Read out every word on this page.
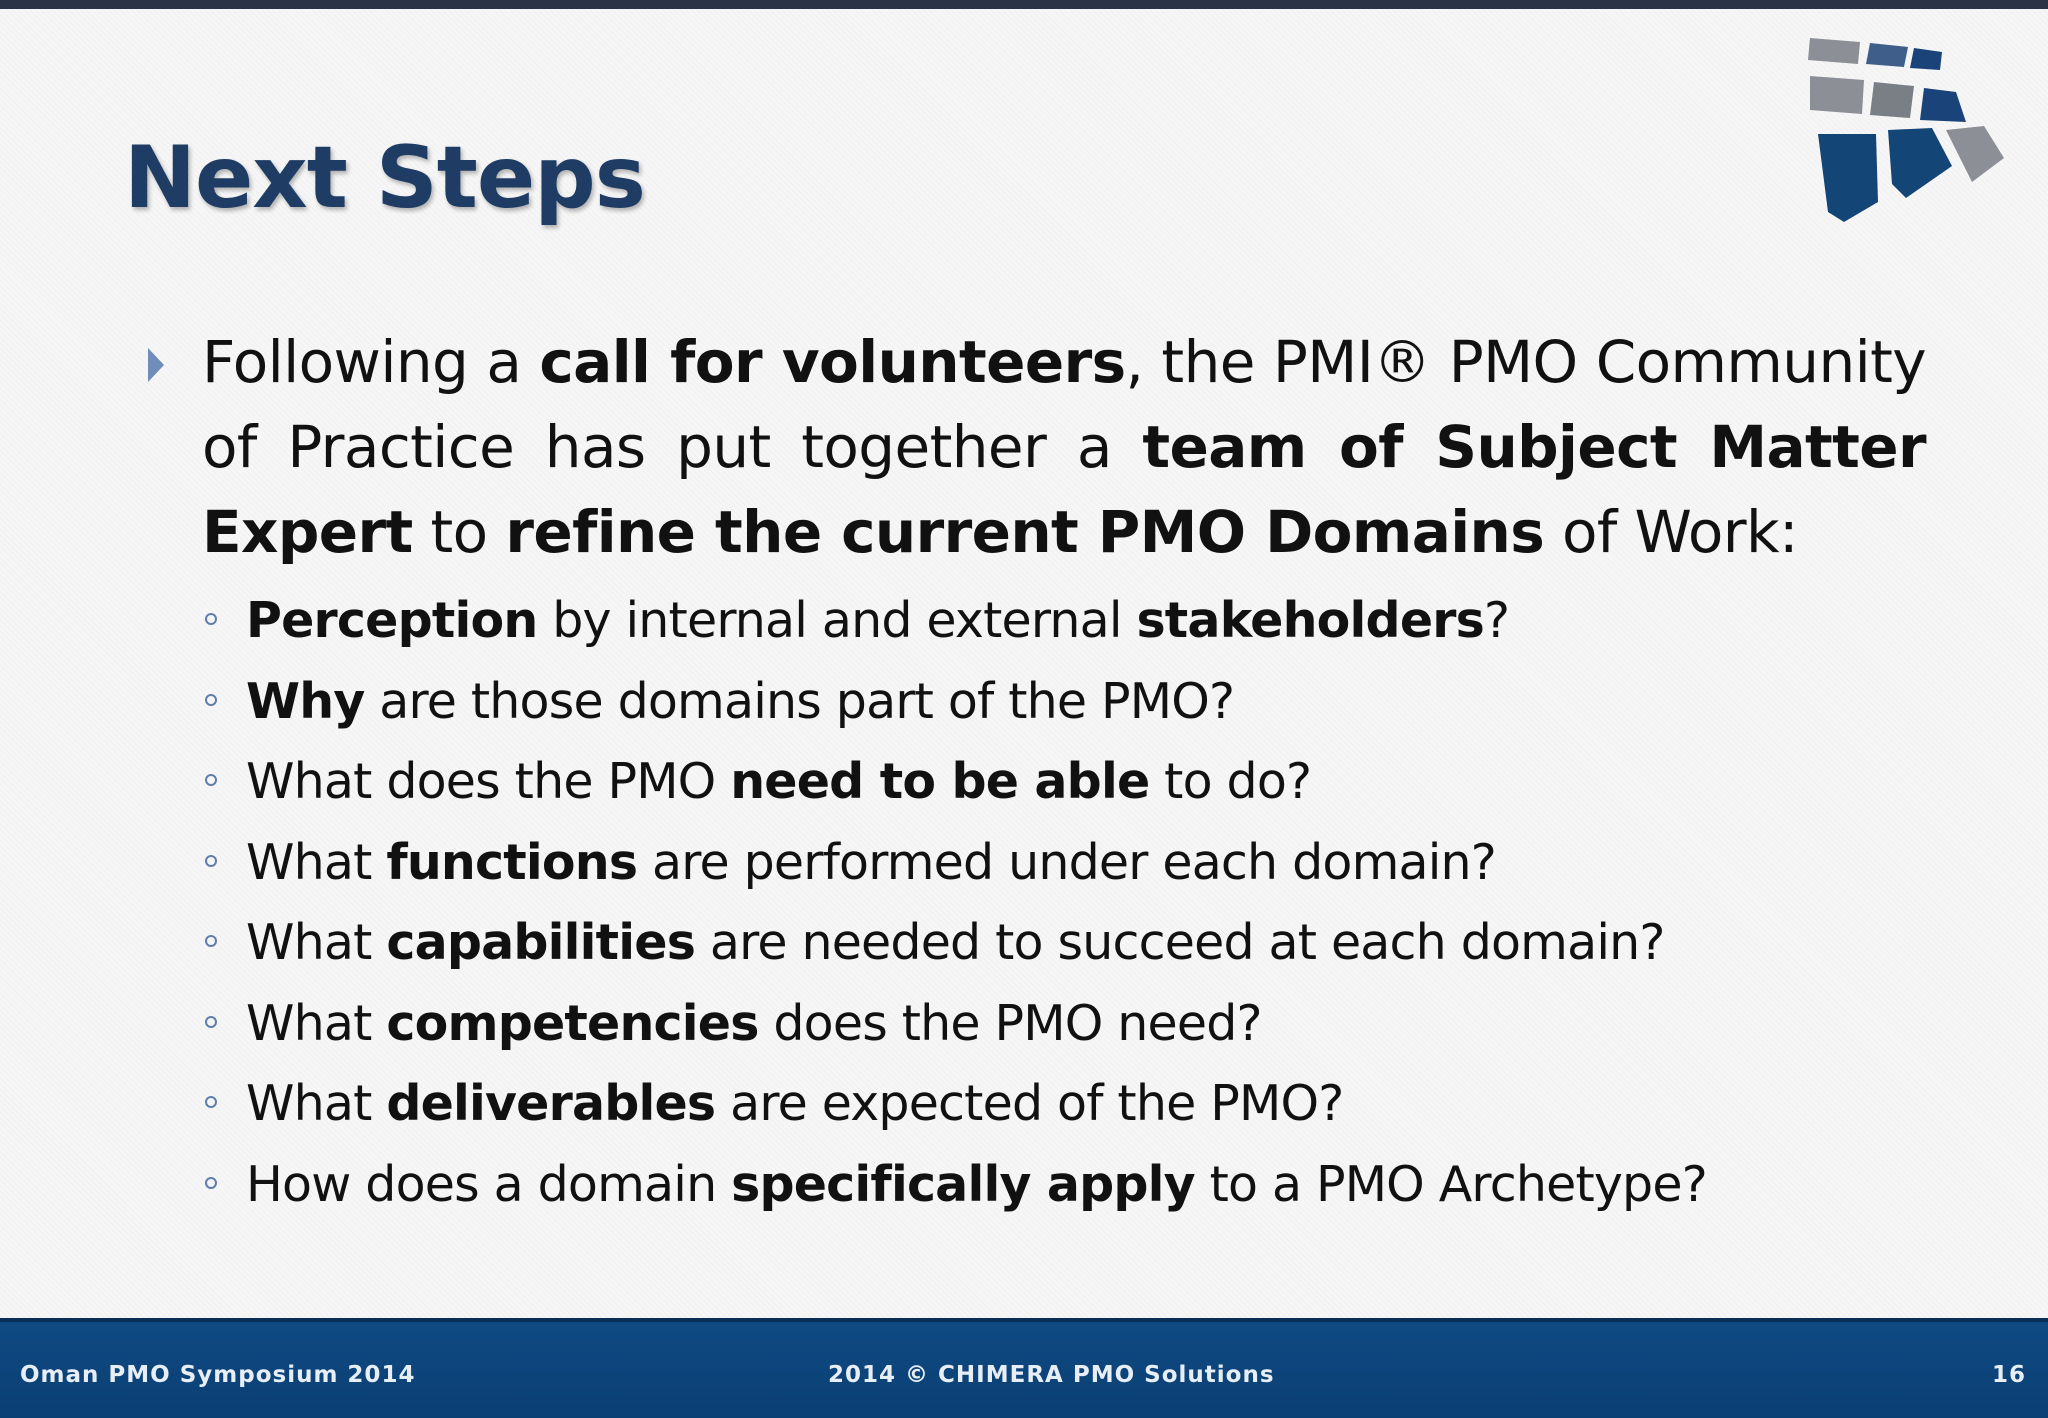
Next Steps
Following a call for volunteers, the PMI® PMO Community of Practice has put together a team of Subject Matter Expert to refine the current PMO Domains of Work:
Perception by internal and external stakeholders?
Why are those domains part of the PMO?
What does the PMO need to be able to do?
What functions are performed under each domain?
What capabilities are needed to succeed at each domain?
What competencies does the PMO need?
What deliverables are expected of the PMO?
How does a domain specifically apply to a PMO Archetype?
Oman PMO Symposium 2014	2014 © CHIMERA PMO Solutions	16
